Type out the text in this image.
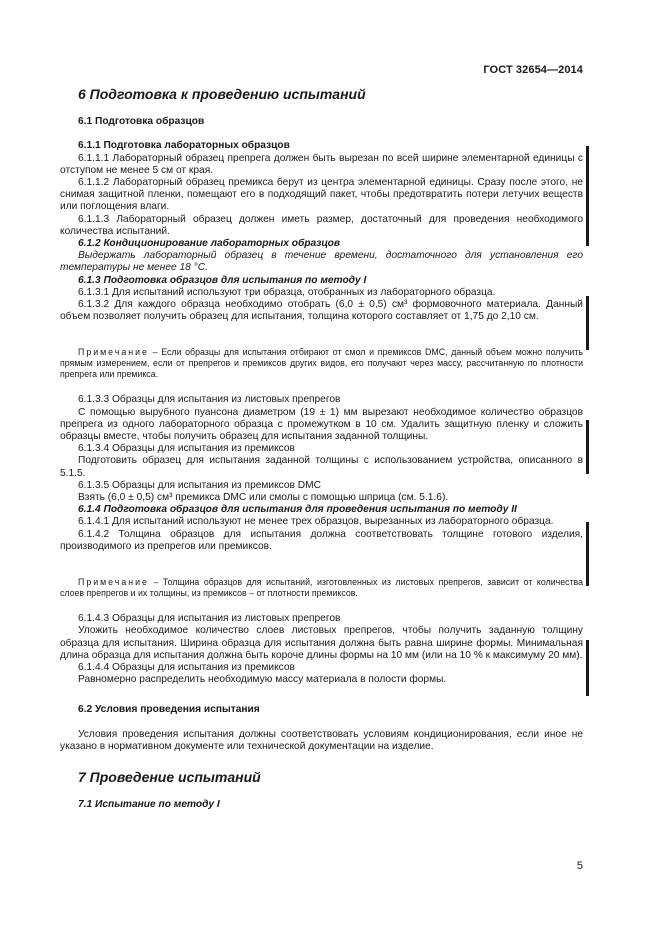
ГОСТ 32654—2014
6 Подготовка к проведению испытаний
6.1 Подготовка образцов
6.1.1 Подготовка лабораторных образцов

6.1.1.1 Лабораторный образец препрега должен быть вырезан по всей ширине элементарной единицы с отступом не менее 5 см от края.

6.1.1.2 Лабораторный образец премикса берут из центра элементарной единицы. Сразу после этого, не снимая защитной пленки, помещают его в подходящий пакет, чтобы предотвратить потери летучих веществ или поглощения влаги.

6.1.1.3 Лабораторный образец должен иметь размер, достаточный для проведения необходимого количества испытаний.

6.1.2 Кондиционирование лабораторных образцов

Выдержать лабораторный образец в течение времени, достаточного для установления его температуры не менее 18 °С.

6.1.3 Подготовка образцов для испытания по методу I

6.1.3.1 Для испытаний используют три образца, отобранных из лабораторного образца.

6.1.3.2 Для каждого образца необходимо отобрать (6,0 ± 0,5) см³ формовочного материала. Данный объем позволяет получить образец для испытания, толщина которого составляет от 1,75 до 2,10 см.

Примечание – Если образцы для испытания отбирают от смол и премиксов DMC, данный объем можно получить прямым измерением, если от препрегов и премиксов других видов, его получают через массу, рассчитанную по плотности препрега или премикса.

6.1.3.3 Образцы для испытания из листовых препрегов

С помощью вырубного пуансона диаметром (19 ± 1) мм вырезают необходимое количество образцов препрега из одного лабораторного образца с промежутком в 10 см. Удалить защитную пленку и сложить образцы вместе, чтобы получить образец для испытания заданной толщины.

6.1.3.4 Образцы для испытания из премиксов

Подготовить образец для испытания заданной толщины с использованием устройства, описанного в 5.1.5.

6.1.3.5 Образцы для испытания из премиксов DMC

Взять (6,0 ± 0,5) см³ премикса DMC или смолы с помощью шприца (см. 5.1.6).

6.1.4 Подготовка образцов для испытания для проведения испытания по методу II

6.1.4.1 Для испытаний используют не менее трех образцов, вырезанных из лабораторного образца.

6.1.4.2 Толщина образцов для испытания должна соответствовать толщине готового изделия, производимого из препрегов или премиксов.

Примечание – Толщина образцов для испытаний, изготовленных из листовых препрегов, зависит от количества слоев препрегов и их толщины, из премиксов – от плотности премиксов.

6.1.4.3 Образцы для испытания из листовых препрегов

Уложить необходимое количество слоев листовых препрегов, чтобы получить заданную толщину образца для испытания. Ширина образца для испытания должна быть равна ширине формы. Минимальная длина образца для испытания должна быть короче длины формы на 10 мм (или на 10 % к максимуму 20 мм).

6.1.4.4 Образцы для испытания из премиксов

Равномерно распределить необходимую массу материала в полости формы.

6.2 Условия проведения испытания

Условия проведения испытания должны соответствовать условиям кондиционирования, если иное не указано в нормативном документе или технической документации на изделие.

7 Проведение испытаний
7.1 Испытание по методу I
5
